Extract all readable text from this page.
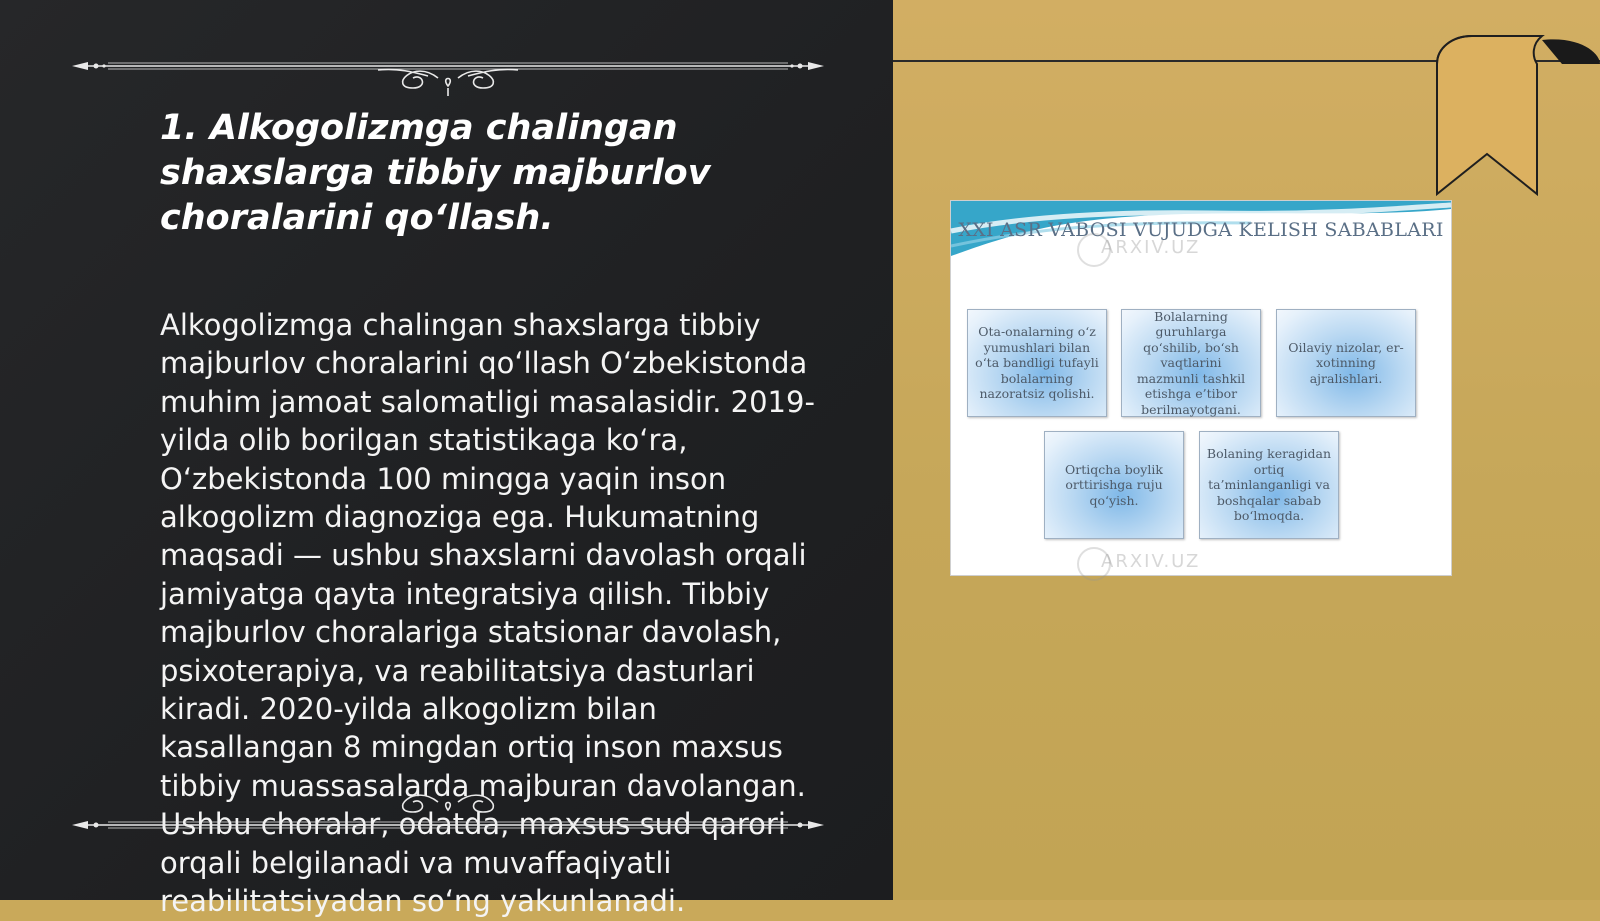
1. Alkogolizmga chalingan shaxslarga tibbiy majburlov choralarini qo‘llash.
Alkogolizmga chalingan shaxslarga tibbiy majburlov choralarini qo‘llash O‘zbekistonda muhim jamoat salomatligi masalasidir. 2019-yilda olib borilgan statistikaga ko‘ra, O‘zbekistonda 100 mingga yaqin inson alkogolizm diagnoziga ega. Hukumatning maqsadi — ushbu shaxslarni davolash orqali jamiyatga qayta integratsiya qilish. Tibbiy majburlov choralariga statsionar davolash, psixoterapiya, va reabilitatsiya dasturlari kiradi. 2020-yilda alkogolizm bilan kasallangan 8 mingdan ortiq inson maxsus tibbiy muassasalarda majburan davolangan. Ushbu choralar, odatda, maxsus sud qarori orqali belgilanadi va muvaffaqiyatli reabilitatsiyadan so‘ng yakunlanadi.
XXI ASR VABOSI VUJUDGA KELISH SABABLARI
ARXIV.UZ
Ota-onalarning o‘z yumushlari bilan o‘ta bandligi tufayli bolalarning nazoratsiz qolishi.
Bolalarning guruhlarga qo‘shilib, bo‘sh vaqtlarini mazmunli tashkil etishga e’tibor berilmayotgani.
Oilaviy nizolar, er-xotinning ajralishlari.
Ortiqcha boylik orttirishga ruju qo‘yish.
Bolaning keragidan ortiq ta’minlanganligi va boshqalar sabab bo‘lmoqda.
ARXIV.UZ
